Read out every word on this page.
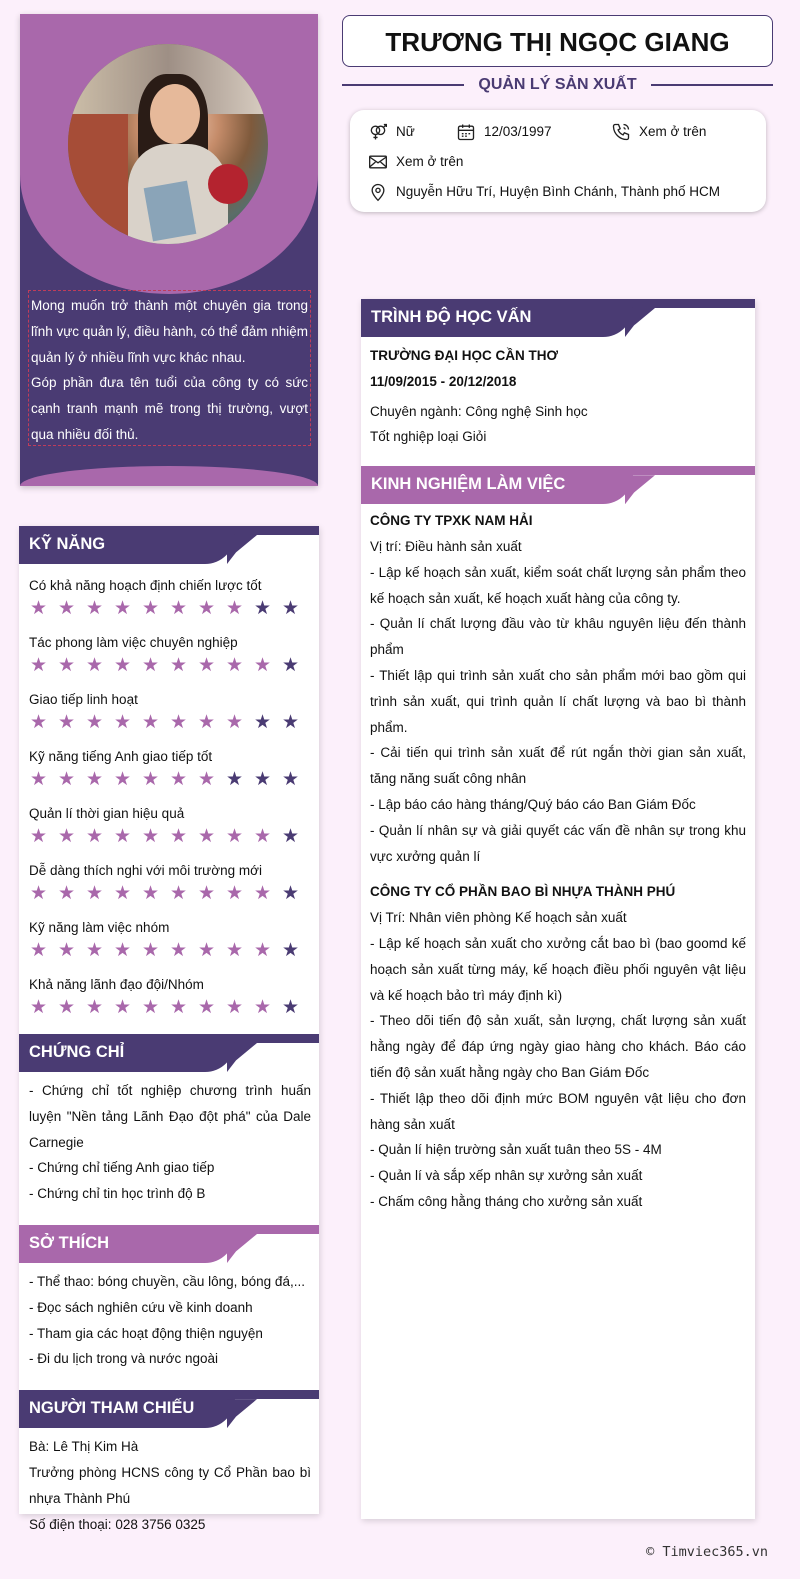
Mong muốn trở thành một chuyên gia trong lĩnh vực quản lý, điều hành, có thể đảm nhiệm quản lý ở nhiều lĩnh vực khác nhau.

Góp phần đưa tên tuổi của công ty có sức cạnh tranh mạnh mẽ trong thị trường, vượt qua nhiều đối thủ.

KỸ NĂNG
Có khả năng hoạch định chiến lược tốt
★ ★ ★ ★ ★ ★ ★ ★ ★ ★
Tác phong làm việc chuyên nghiệp
★ ★ ★ ★ ★ ★ ★ ★ ★ ★
Giao tiếp linh hoạt
★ ★ ★ ★ ★ ★ ★ ★ ★ ★
Kỹ năng tiếng Anh giao tiếp tốt
★ ★ ★ ★ ★ ★ ★ ★ ★ ★
Quản lí thời gian hiệu quả
★ ★ ★ ★ ★ ★ ★ ★ ★ ★
Dễ dàng thích nghi với môi trường mới
★ ★ ★ ★ ★ ★ ★ ★ ★ ★
Kỹ năng làm việc nhóm
★ ★ ★ ★ ★ ★ ★ ★ ★ ★
Khả năng lãnh đạo đội/Nhóm
★ ★ ★ ★ ★ ★ ★ ★ ★ ★
CHỨNG CHỈ
- Chứng chỉ tốt nghiệp chương trình huấn luyện "Nền tảng Lãnh Đạo đột phá" của Dale Carnegie
- Chứng chỉ tiếng Anh giao tiếp
- Chứng chỉ tin học trình độ B
SỞ THÍCH
- Thể thao: bóng chuyền, cầu lông, bóng đá,...
- Đọc sách nghiên cứu về kinh doanh
- Tham gia các hoạt động thiện nguyện
- Đi du lịch trong và nước ngoài
NGƯỜI THAM CHIẾU
Bà: Lê Thị Kim Hà
Trưởng phòng HCNS công ty Cổ Phần bao bì nhựa Thành Phú
Số điện thoại: 028 3756 0325
TRƯƠNG THỊ NGỌC GIANG
QUẢN LÝ SẢN XUẤT
Nữ	12/03/1997	Xem ở trên
Xem ở trên
Nguyễn Hữu Trí, Huyện Bình Chánh, Thành phố HCM
TRÌNH ĐỘ HỌC VẤN
TRƯỜNG ĐẠI HỌC CẦN THƠ
11/09/2015 - 20/12/2018
Chuyên ngành: Công nghệ Sinh học
Tốt nghiệp loại Giỏi
KINH NGHIỆM LÀM VIỆC
CÔNG TY TPXK NAM HẢI
Vị trí: Điều hành sản xuất
- Lập kế hoạch sản xuất, kiểm soát chất lượng sản phẩm theo kế hoạch sản xuất, kế hoạch xuất hàng của công ty.
- Quản lí chất lượng đầu vào từ khâu nguyên liệu đến thành phẩm
- Thiết lập qui trình sản xuất cho sản phẩm mới bao gồm qui trình sản xuất, qui trình quản lí chất lượng và bao bì thành phẩm.
- Cải tiến qui trình sản xuất để rút ngắn thời gian sản xuất, tăng năng suất công nhân
- Lập báo cáo hàng tháng/Quý báo cáo Ban Giám Đốc
- Quản lí nhân sự và giải quyết các vấn đề nhân sự trong khu vực xưởng quản lí
CÔNG TY CỔ PHẦN BAO BÌ NHỰA THÀNH PHÚ
Vị Trí: Nhân viên phòng Kế hoạch sản xuất
- Lập kế hoạch sản xuất cho xưởng cắt bao bì (bao goomd kế hoạch sản xuất từng máy, kế hoạch điều phối nguyên vật liệu và kế hoạch bảo trì máy định kì)
- Theo dõi tiến độ sản xuất, sản lượng, chất lượng sản xuất hằng ngày để đáp ứng ngày giao hàng cho khách. Báo cáo tiến độ sản xuất hằng ngày cho Ban Giám Đốc
- Thiết lập theo dõi định mức BOM nguyên vật liệu cho đơn hàng sản xuất
- Quản lí hiện trường sản xuất tuân theo 5S - 4M
- Quản lí và sắp xếp nhân sự xưởng sản xuất
- Chấm công hằng tháng cho xưởng sản xuất
© Timviec365.vn
